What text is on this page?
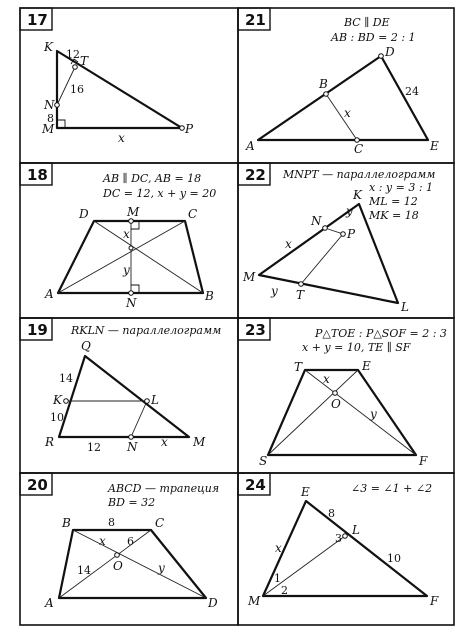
17
K
T
N
M	P
12
16
8
x
18	AB ∥ DC, AB = 18
DC = 12, x + y = 20
D	M	C
A
N	B
x
y
19 RKLN — параллелограмм
Q
K
R
L
N	M
14
10
12	x
20	ABCD — трапеция
BD = 32
B	C
O
A	D
8
x 6
14	y
21	BC ∥ DE
AB : BD = 2 : 1
D
B
A	C	E
24
x
22 MNPT — параллелограмм
x : y = 3 : 1
ML = 12
MK = 18
K
N
P
M
T
L
x
y
y
23	P△TOE : P△SOF = 2 : 3
x + y = 10, TE ∥ SF
T	E
O
S	F
x
y
24	∠3 = ∠1 + ∠2
E
L
M	F
8
10
x
1
2
3
